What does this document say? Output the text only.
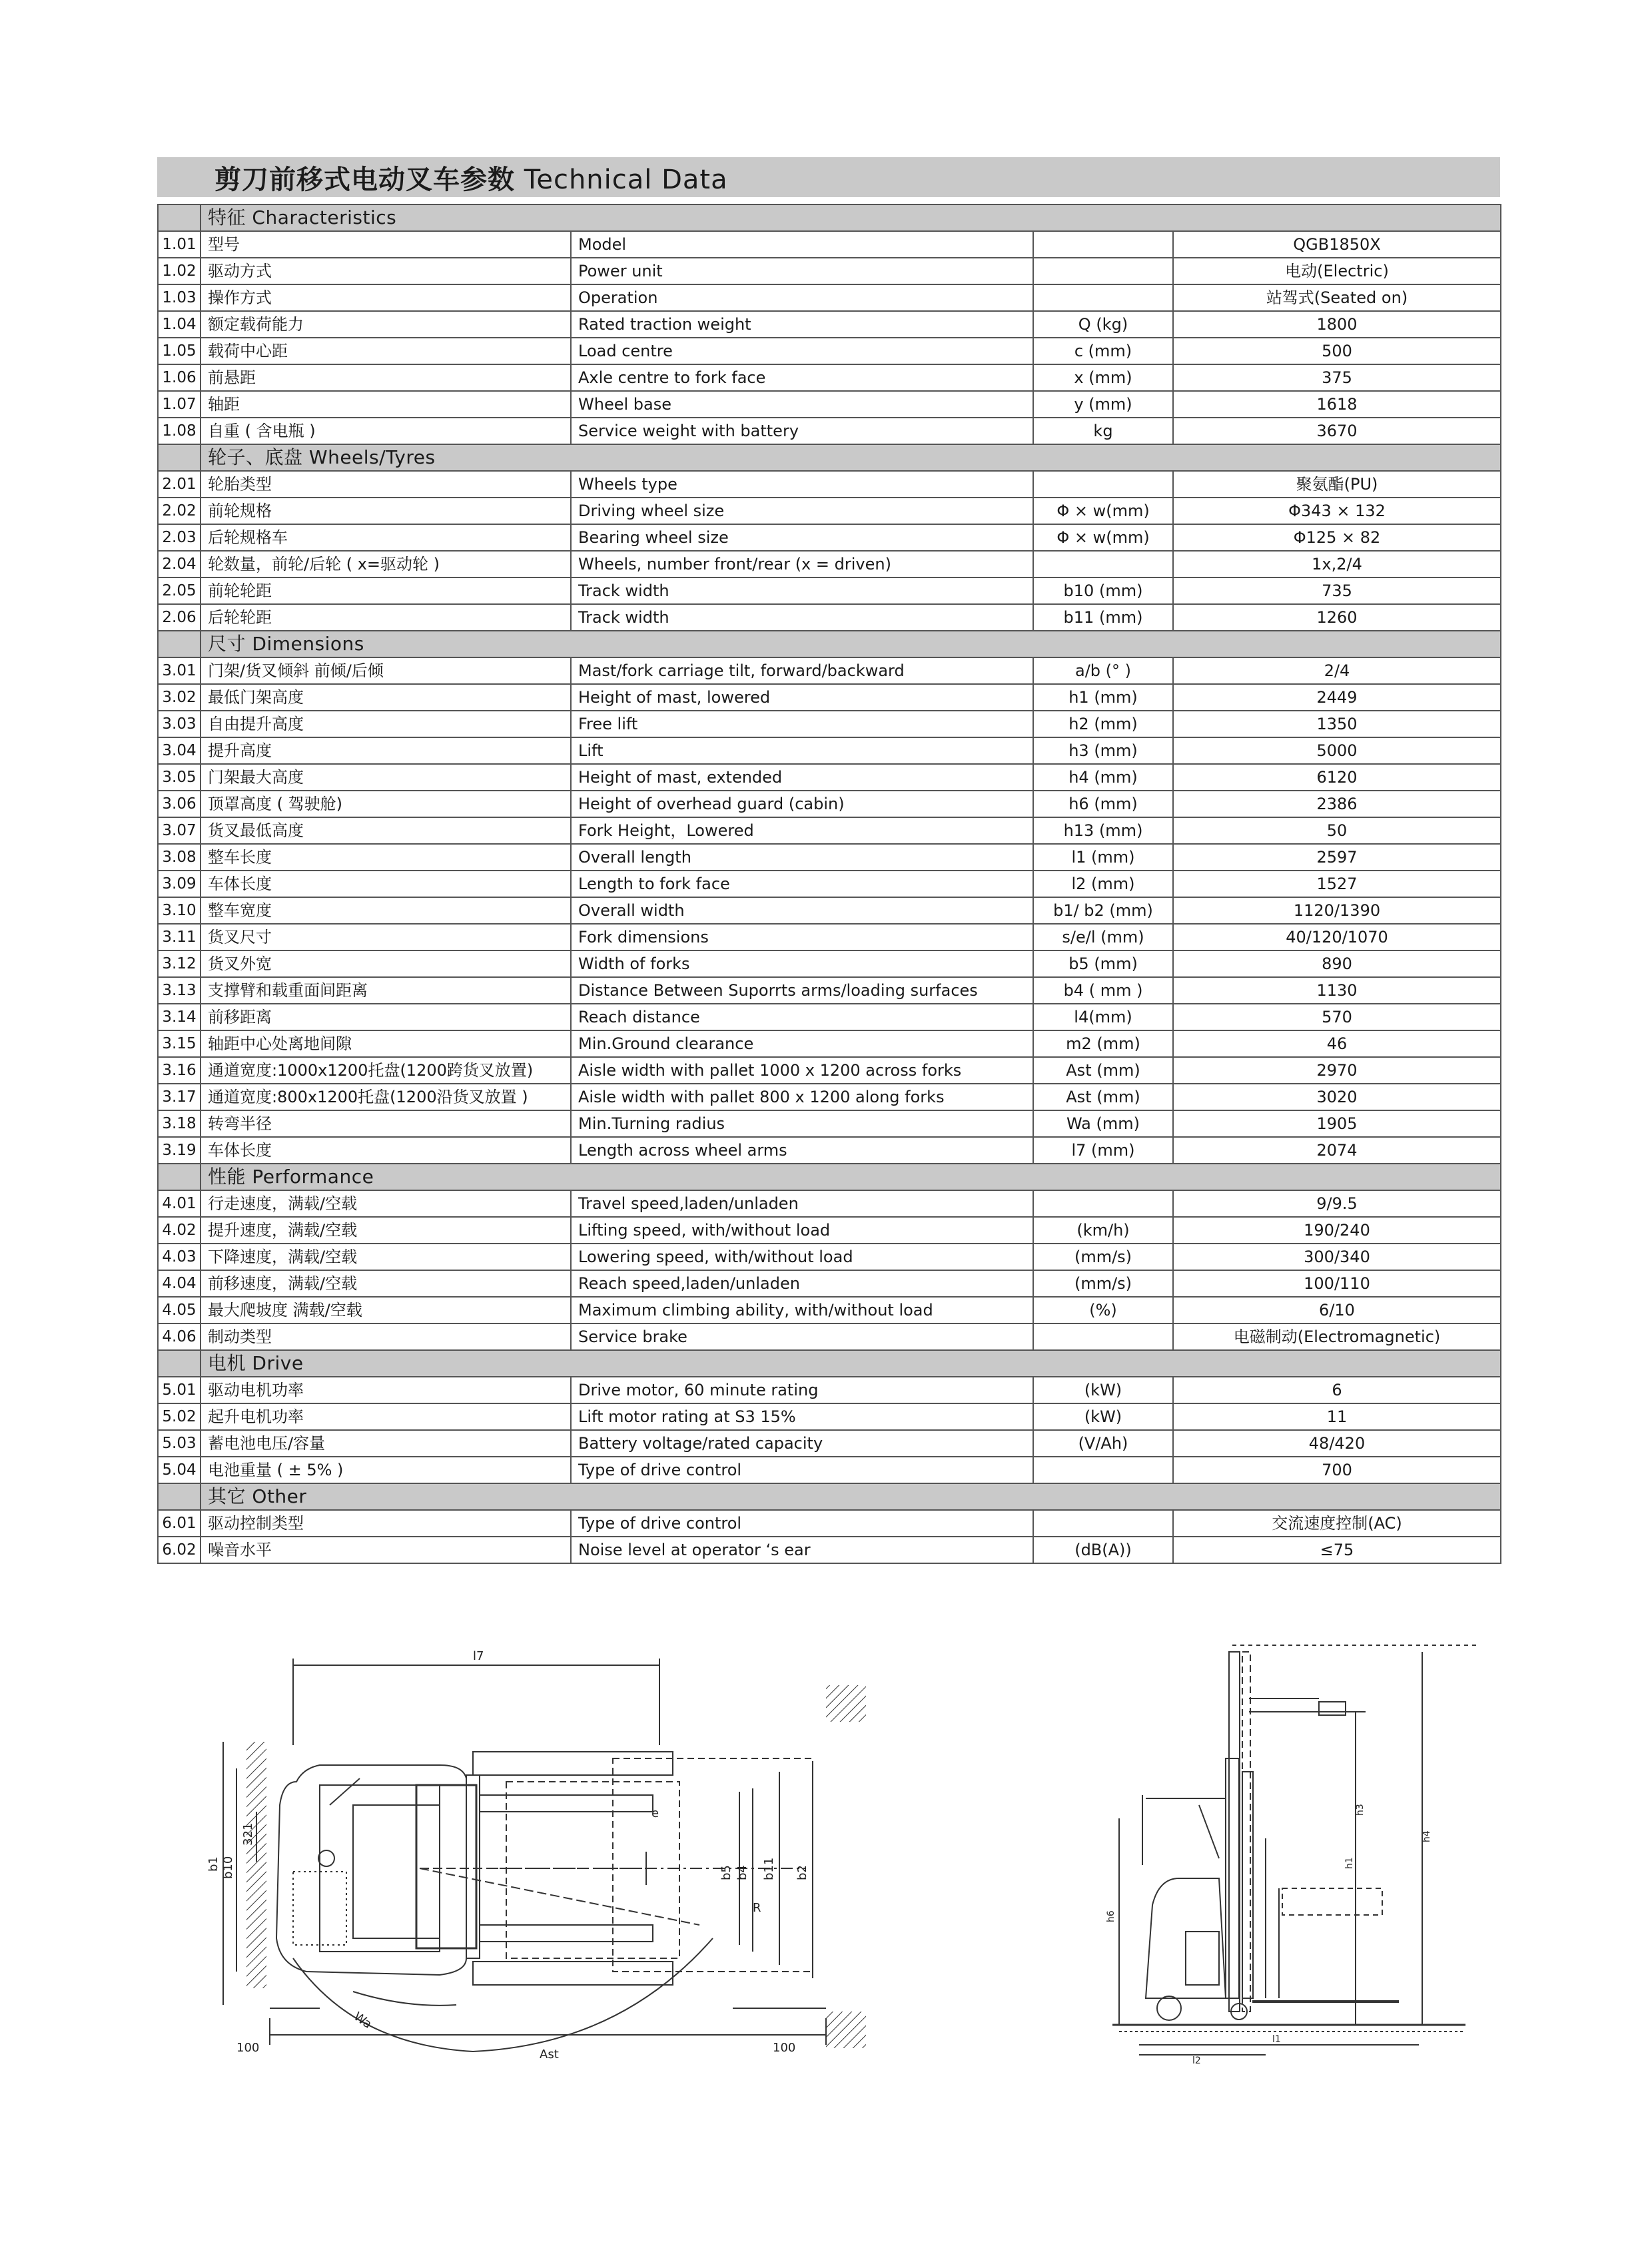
剪刀前移式电动叉车参数 Technical Data
	特征 Characteristics			
1.01	型号	Model		QGB1850X
1.02	驱动方式	Power unit		电动(Electric)
1.03	操作方式	Operation		站驾式(Seated on)
1.04	额定载荷能力	Rated traction weight	Q (kg)	1800
1.05	载荷中心距	Load centre	c (mm)	500
1.06	前悬距	Axle centre to fork face	x (mm)	375
1.07	轴距	Wheel base	y (mm)	1618
1.08	自重 ( 含电瓶 )	Service weight with battery	kg	3670
	轮子、底盘 Wheels/Tyres			
2.01	轮胎类型	Wheels type		聚氨酯(PU)
2.02	前轮规格	Driving wheel size	Φ × w(mm)	Φ343 × 132
2.03	后轮规格车	Bearing wheel size	Φ × w(mm)	Φ125 × 82
2.04	轮数量，前轮/后轮 ( x=驱动轮 )	Wheels, number front/rear (x = driven)		1x,2/4
2.05	前轮轮距	Track width	b10 (mm)	735
2.06	后轮轮距	Track width	b11 (mm)	1260
	尺寸 Dimensions			
3.01	门架/货叉倾斜 前倾/后倾	Mast/fork carriage tilt, forward/backward	a/b (° )	2/4
3.02	最低门架高度	Height of mast, lowered	h1 (mm)	2449
3.03	自由提升高度	Free lift	h2 (mm)	1350
3.04	提升高度	Lift	h3 (mm)	5000
3.05	门架最大高度	Height of mast, extended	h4 (mm)	6120
3.06	顶罩高度 ( 驾驶舱)	Height of overhead guard (cabin)	h6 (mm)	2386
3.07	货叉最低高度	Fork Height，Lowered	h13 (mm)	50
3.08	整车长度	Overall length	l1 (mm)	2597
3.09	车体长度	Length to fork face	l2 (mm)	1527
3.10	整车宽度	Overall width	b1/ b2 (mm)	1120/1390
3.11	货叉尺寸	Fork dimensions	s/e/l (mm)	40/120/1070
3.12	货叉外宽	Width of forks	b5 (mm)	890
3.13	支撑臂和载重面间距离	Distance Between Suporrts arms/loading surfaces	b4 ( mm )	1130
3.14	前移距离	Reach distance	l4(mm)	570
3.15	轴距中心处离地间隙	Min.Ground clearance	m2 (mm)	46
3.16	通道宽度:1000x1200托盘(1200跨货叉放置)	Aisle width with pallet 1000 x 1200 across forks	Ast (mm)	2970
3.17	通道宽度:800x1200托盘(1200沿货叉放置 )	Aisle width with pallet 800 x 1200 along forks	Ast (mm)	3020
3.18	转弯半径	Min.Turning radius	Wa (mm)	1905
3.19	车体长度	Length across wheel arms	l7 (mm)	2074
	性能 Performance			
4.01	行走速度，满载/空载	Travel speed,laden/unladen		9/9.5
4.02	提升速度，满载/空载	Lifting speed, with/without load	(km/h)	190/240
4.03	下降速度，满载/空载	Lowering speed, with/without load	(mm/s)	300/340
4.04	前移速度，满载/空载	Reach speed,laden/unladen	(mm/s)	100/110
4.05	最大爬坡度 满载/空载	Maximum climbing ability, with/without load	(%)	6/10
4.06	制动类型	Service brake		电磁制动(Electromagnetic)
	电机 Drive			
5.01	驱动电机功率	Drive motor, 60 minute rating	(kW)	6
5.02	起升电机功率	Lift motor rating at S3 15%	(kW)	11
5.03	蓄电池电压/容量	Battery voltage/rated capacity	(V/Ah)	48/420
5.04	电池重量 ( ± 5% )	Type of drive control		700
	其它 Other			
6.01	驱动控制类型	Type of drive control		交流速度控制(AC)
6.02	噪音水平	Noise level at operator ‘s ear	(dB(A))	≤75
l7
b1 b10
321
b5 b4 b11 b2
Wa
Ast
100	100
e
R
h6
h1
h3
h4
l1
l2
